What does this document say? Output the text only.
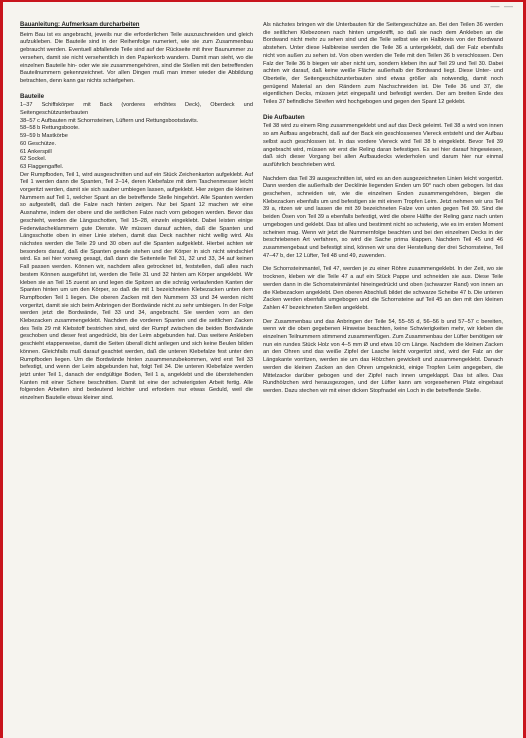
— —
Bauanleitung: Aufmerksam durcharbeiten

Beim Bau ist es angebracht, jeweils nur die erforderlichen Teile auszuschneiden und gleich aufzukleben. Die Bauteile sind in der Reihenfolge numeriert, wie sie zum Zusammenbau gebraucht werden. Eventuell abfallende Teile sind auf der Rückseite mit ihrer Baunummer zu versehen, damit sie nicht versehentlich in den Papierkorb wandern. Damit man sieht, wo die einzelnen Bauteile hin- oder wie sie zusammengehören, sind die Stellen mit den betreffenden Bauteilnummern gekennzeichnet. Vor allen Dingen muß man immer wieder die Abbildung betrachten, denn kann gar nichts schiefgehen.

Bauteile

1–37 Schiffskörper mit Back (vorderes erhöhtes Deck), Oberdeck und Seitengeschützunterbauten

38–57 c Aufbauten mit Schornsteinen, Lüftern und Rettungsbootsdavits.

58–58 b Rettungsboote.

59–59 b Mastkörbe

60 Geschütze.

61 Ankerspill

62 Sockel.

63 Flaggengaffel.

Der Rumpfboden, Teil 1, wird ausgeschnitten und auf ein Stück Zeichenkarton aufgeklebt. Auf Teil 1 werden dann die Spanten, Teil 2–14, deren Klebefalze mit dem Taschenmesser leicht vorgeritzt werden, damit sie sich sauber umbiegen lassen, aufgeklebt. Hier zeigen die kleinen Nummern auf Teil 1, welcher Spant an die betreffende Stelle hingehört. Alle Spanten werden so aufgestellt, daß die Falze nach hinten zeigen. Nur bei Spant 12 machen wir eine Ausnahme, indem der obere und die seitlichen Falze nach vorn gebogen werden. Bevor das geschieht, werden die Längsschotten, Teil 15–28, einzeln eingeklebt. Dabei leisten einige Federwäscheklammern gute Dienste. Wir müssen darauf achten, daß die Spanten und Längsschotte oben in einer Linie stehen, damit das Deck nachher nicht wellig wird. Als nächstes werden die Teile 29 und 30 oben auf die Spanten aufgeklebt. Hierbei achten wir besonders darauf, daß die Spanten gerade stehen und der Körper in sich nicht windschief wird. Es sei hier vorweg gesagt, daß dann die Seitenteile Teil 31, 32 und 33, 34 auf keinen Fall passen werden. Können wir, nachdem alles getrocknet ist, feststellen, daß alles nach bestem Können ausgeführt ist, werden die Teile 31 und 32 hinten am Körper angeklebt. Wir kleben sie an Teil 15 zuerst an und legen die Spitzen an die schräg verlaufenden Kanten der Spanten hinten um um den Körper, so daß die mit 1 bezeichneten Klebezacken unten dem Rumpfboden Teil 1 liegen. Die oberen Zacken mit den Nummern 33 und 34 werden nicht vorgeritzt, damit sie sich beim Anbringen der Bordwände nicht zu sehr umbiegen. In der Folge werden jetzt die Bordwände, Teil 33 und 34, angebracht. Sie werden vorn an den Klebezacken zusammengeklebt. Nachdem die vorderen Spanten und die seitlichen Zacken des Teils 29 mit Klebstoff bestrichen sind, wird der Rumpf zwischen die beiden Bordwände geschoben und dieser fest angedrückt, bis der Leim abgebunden hat. Das weitere Ankleben geschieht etappenweise, damit die Seiten überall dicht anliegen und sich keine Beulen bilden können. Gleichfalls muß darauf geachtet werden, daß die unteren Klebefalze fest unter den Rumpfboden liegen. Um die Bordwände hinten zusammenzubekommen, wird erst Teil 33 befestigt, und wenn der Leim abgebunden hat, folgt Teil 34. Die unteren Klebefalze werden jetzt unter Teil 1, danach der endgültige Boden, Teil 1 a, angeklebt und die überstehenden Kanten mit einer Schere beschnitten. Damit ist eine der schwierigsten Arbeit fertig. Alle folgenden Arbeiten sind bedeutend leichter und erfordern nur etwas Geduld, weil die einzelnen Bauteile etwas kleiner sind.

Als nächstes bringen wir die Unterbauten für die Seitengeschütze an. Bei den Teilen 36 werden die seitlichen Klebezonen nach hinten umgeknifft, so daß sie nach dem Ankleben an die Bordwand nicht mehr zu sehen sind und die Teile selbst wie ein Halbkreis von der Bordwand abstehen. Unter diese Halbkreise werden die Teile 36 a untergeklebt, daß der Falz ebenfalls nicht von außen zu sehen ist. Von oben werden die Teile mit den Teilen 36 b verschlossen. Den Falz der Teile 36 b biegen wir aber nicht um, sondern kleben ihn auf Teil 29 und Teil 30. Dabei achten wir darauf, daß keine weiße Fläche außerhalb der Bordwand liegt. Diese Unter- und Oberteile, der Seitengeschützunterbauten sind etwas größer als notwendig, damit noch genügend Material an den Rändern zum Nachschneiden ist. Die Teile 36 und 37, die eigentlichen Decks, müssen jetzt eingepaßt und befestigt werden. Der am breiten Ende des Teiles 37 befindliche Streifen wird hochgebogen und gegen den Spant 12 geklebt.

Die Aufbauten

Teil 38 wird zu einem Ring zusammengeklebt und auf das Deck geleimt. Teil 38 a wird von innen so am Aufbau angebracht, daß auf der Back ein geschlossenes Viereck entsteht und der Aufbau selbst auch geschlossen ist. In das vordere Viereck wird Teil 38 b eingeklebt. Bevor Teil 39 angebracht wird, müssen wir erst die Reling daran befestigen. Es sei hier darauf hingewiesen, daß sich dieser Vorgang bei allen Aufbaudecks wiederholen und darum hier nur einmal ausführlich beschrieben wird.

Nachdem das Teil 39 ausgeschnitten ist, wird es an den ausgezeichneten Linien leicht vorgeritzt. Dann werden die außerhalb der Decklinie liegenden Enden um 90° nach oben gebogen. Ist das geschehen, schneiden wir, wie die einzelnen Enden zusammengehören, biegen die Klebezacken ebenfalls um und befestigen sie mit einem Tropfen Leim. Jetzt nehmen wir uns Teil 39 a, ritzen wir und lassen die mit 39 bezeichneten Falze von unten gegen Teil 39. Sind die beiden Ösen von Teil 39 a ebenfalls befestigt, wird die obere Hälfte der Reling ganz nach unten umgebogen und geklebt. Das ist alles und bestimmt nicht so schwierig, wie es im ersten Moment scheinen mag. Wenn wir jetzt die Nummernfolge beachten und bei den einzelnen Decks in der beschriebenen Art verfahren, so wird die Sache prima klappen. Nachdem Teil 45 und 46 zusammengebaut und befestigt sind, können wir uns der Herstellung der drei Schornsteine, Teil 47–47 b, der 12 Lüfter, Teil 48 und 49, zuwenden.

Die Schornsteinmantel, Teil 47, werden je zu einer Röhre zusammengeklebt. In der Zeit, wo sie trocknen, kleben wir die Teile 47 a auf ein Stück Pappe und schneiden sie aus. Diese Teile werden dann in die Schornsteinmäntel hineingedrückt und oben (schwarzer Rand) von innen an die Klebezacken angeklebt. Den oberen Abschluß bildet die schwarze Scheibe 47 b. Die unteren Zacken werden ebenfalls umgebogen und die Schornsteine auf Teil 45 an den mit den kleinen Zahlen 47 bezeichneten Stellen angeklebt.

Der Zusammenbau und das Anbringen der Teile 54, 55–55 d, 56–56 b und 57–57 c bereiten, wenn wir die oben gegebenen Hinweise beachten, keine Schwierigkeiten mehr, wir kleben die einzelnen Teilnummern stimmend zusammenfügen. Zum Zusammenbau der Lüfter benötigen wir nun ein rundes Stück Holz von 4–5 mm Ø und etwa 10 cm Länge. Nachdem die kleinen Zacken an den Ohren und das weiße Zipfel der Lasche leicht vorgeritzt sind, wird der Falz an der Längskante vorritzen, werden sie um das Hölzchen gewickelt und zusammengeklebt. Danach werden die kleinen Zacken an den Ohren umgeknickt, einige Tropfen Leim angegeben, die Mittelzacke darüber gebogen und der Zipfel nach innen umgeklappt. Das ist alles. Das Rundhölzchen wird herausgezogen, und der Lüfter kann am vorgesehenen Platz eingebaut werden. Dazu stechen wir mit einer dicken Stopfnadel ein Loch in die betreffende Stelle.
